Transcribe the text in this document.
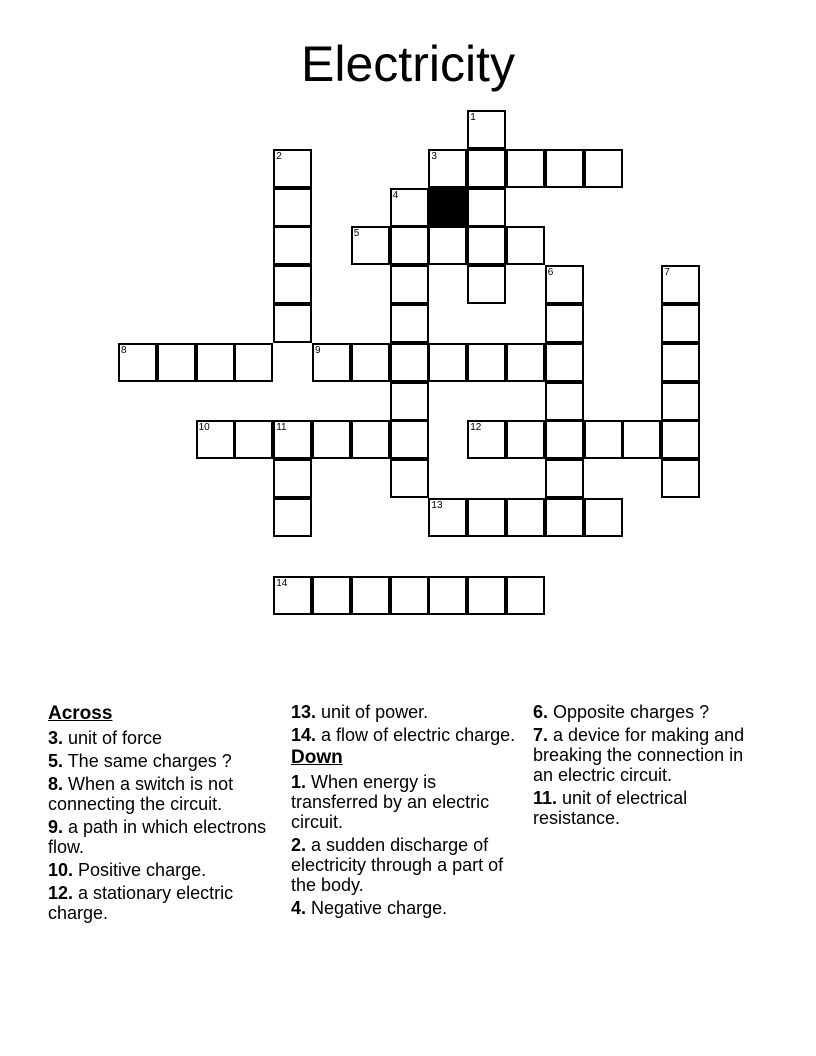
Electricity
1
2	3
4
5
6	7
8	9
10	11	12
13
14
Across
3. unit of force
5. The same charges ?
8. When a switch is not connecting the circuit.
9. a path in which electrons flow.
10. Positive charge.
12. a stationary electric charge.
13. unit of power.
14. a flow of electric charge.
Down
1. When energy is transferred by an electric circuit.
2. a sudden discharge of electricity through a part of the body.
4. Negative charge.
6. Opposite charges ?
7. a device for making and breaking the connection in an electric circuit.
11. unit of electrical resistance.
